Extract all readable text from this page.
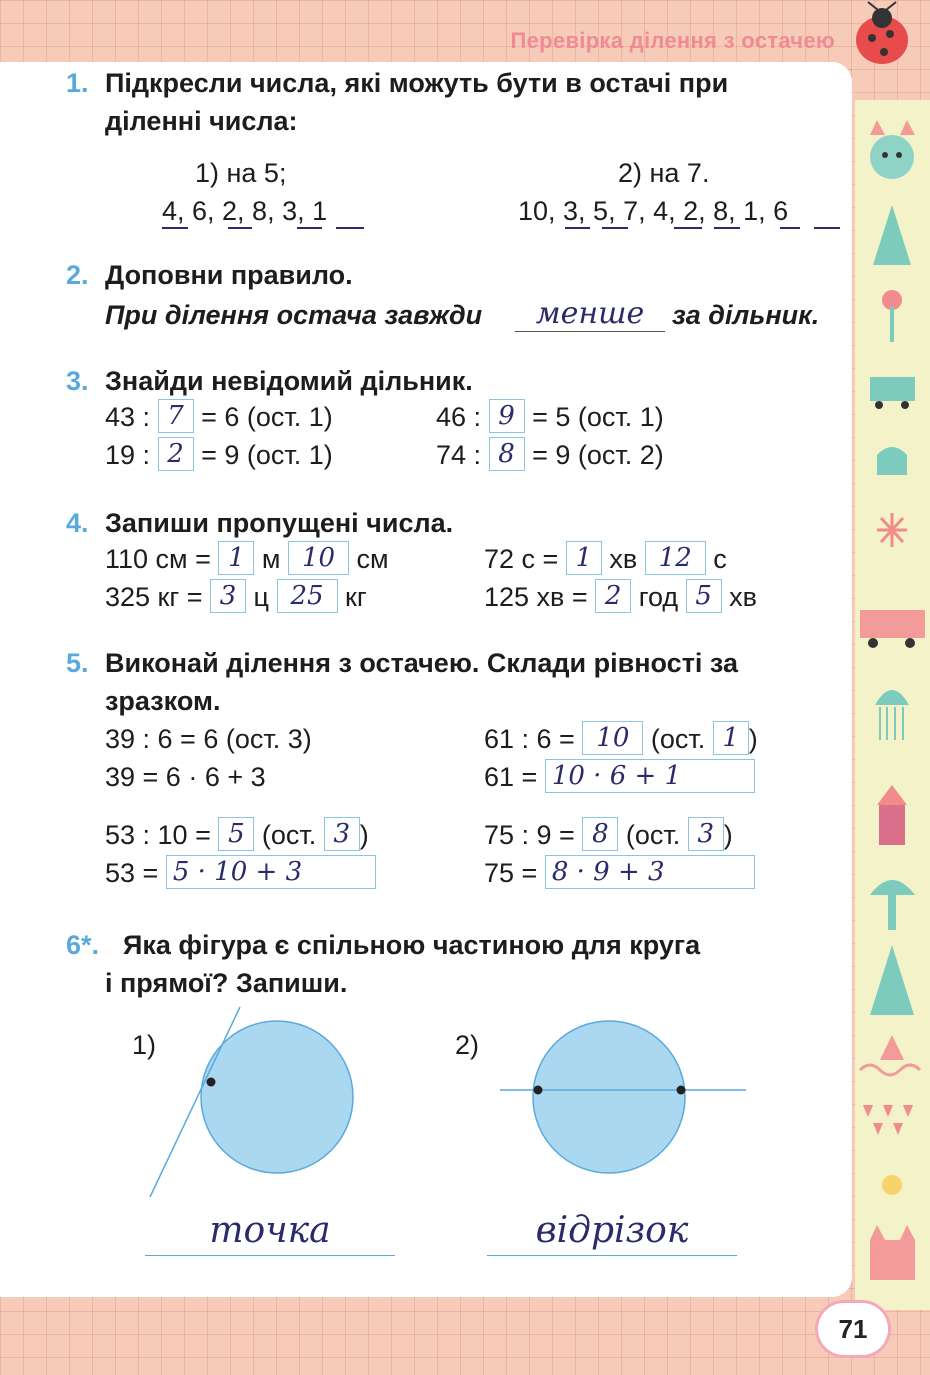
Перевірка ділення з остачею
1. Підкресли числа, які можуть бути в остачі при
діленні числа:
1) на 5;	2) на 7.
4, 6, 2, 8, 3, 1	10, 3, 5, 7, 4, 2, 8, 1, 6
2. Доповни правило.
При ділення остача завжди	менше	за дільник.
3. Знайди невідомий дільник.
43 : 7 = 6 (ост. 1)	46 : 9 = 5 (ост. 1)
19 : 2 = 9 (ост. 1)	74 : 8 = 9 (ост. 2)
4. Запиши пропущені числа.
110 см = 1 м 10 см	72 с = 1 хв 12 с
325 кг = 3 ц 25 кг	125 хв = 2 год 5 хв
5. Виконай ділення з остачею. Склади рівності за
зразком.
39 : 6 = 6 (ост. 3)
39 = 6 · 6 + 3
61 : 6 = 10 (ост. 1 )
61 = 10 · 6 + 1
53 : 10 = 5 (ост. 3 )
53 = 5 · 10 + 3
75 : 9 = 8 (ост. 3 )
75 = 8 · 9 + 3
6*. Яка фігура є спільною частиною для круга
і прямої? Запиши.
1)	2)
точка	відрізок
71
